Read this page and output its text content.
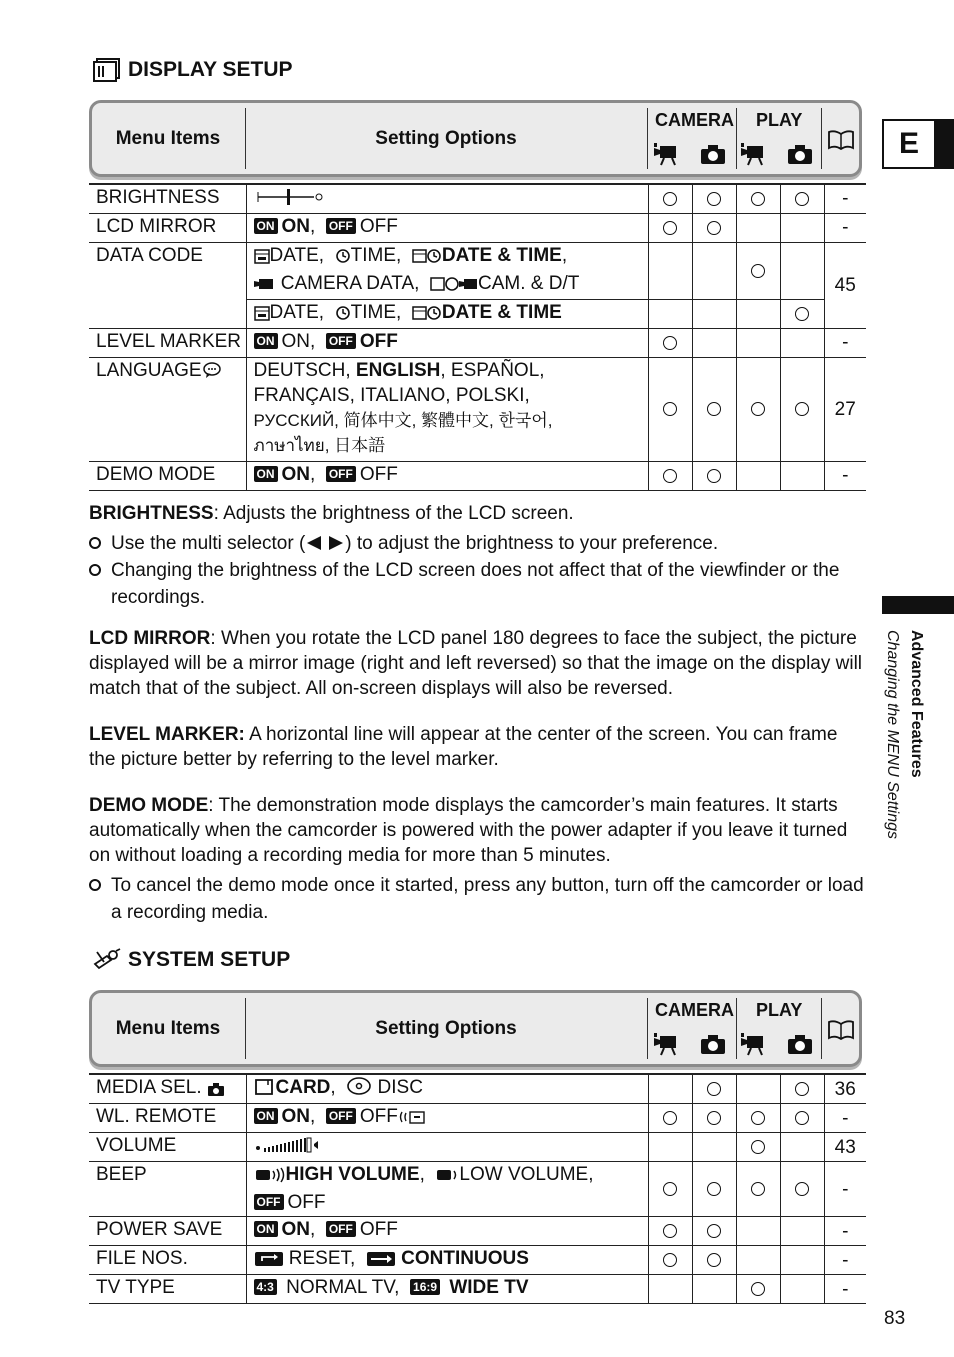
DISPLAY SETUP
Menu Items	Setting Options
CAMERA PLAY
BRIGHTNESS						-
LCD MIRROR	ON ON, OFF OFF					-
DATA CODE	DATE, TIME, DATE & TIME,
CAMERA DATA, CAM. & D/T					45
	DATE, TIME, DATE & TIME					
LEVEL MARKER	ON ON, OFF OFF					-
LANGUAGE	DEUTSCH, ENGLISH, ESPAÑOL,
FRANÇAIS, ITALIANO, POLSKI,
РУССКИЙ, 简体中文, 繁體中文, 한국어,
ภาษาไทย, 日本語					27
DEMO MODE	ON ON, OFF OFF					-
BRIGHTNESS: Adjusts the brightness of the LCD screen.
Use the multi selector ( ) to adjust the brightness to your preference.
Changing the brightness of the LCD screen does not affect that of the viewfinder or the recordings.
LCD MIRROR: When you rotate the LCD panel 180 degrees to face the subject, the picture displayed will be a mirror image (right and left reversed) so that the image on the display will match that of the subject. All on-screen displays will also be reversed.
LEVEL MARKER: A horizontal line will appear at the center of the screen. You can frame the picture better by referring to the level marker.
DEMO MODE: The demonstration mode displays the camcorder’s main features. It starts automatically when the camcorder is powered with the power adapter if you leave it turned on without loading a recording media for more than 5 minutes.
To cancel the demo mode once it started, press any button, turn off the camcorder or load a recording media.
SYSTEM SETUP
Menu Items	Setting Options
CAMERA PLAY
MEDIA SEL.	CARD, DISC					36
WL. REMOTE	ON ON, OFF OFF					-
VOLUME						43
BEEP	HIGH VOLUME, LOW VOLUME,
OFF OFF					-
POWER SAVE	ON ON, OFF OFF					-
FILE NOS.	RESET, CONTINUOUS					-
TV TYPE	4:3 NORMAL TV, 16:9 WIDE TV					-
E
Advanced Features
Changing the MENU Settings
83
